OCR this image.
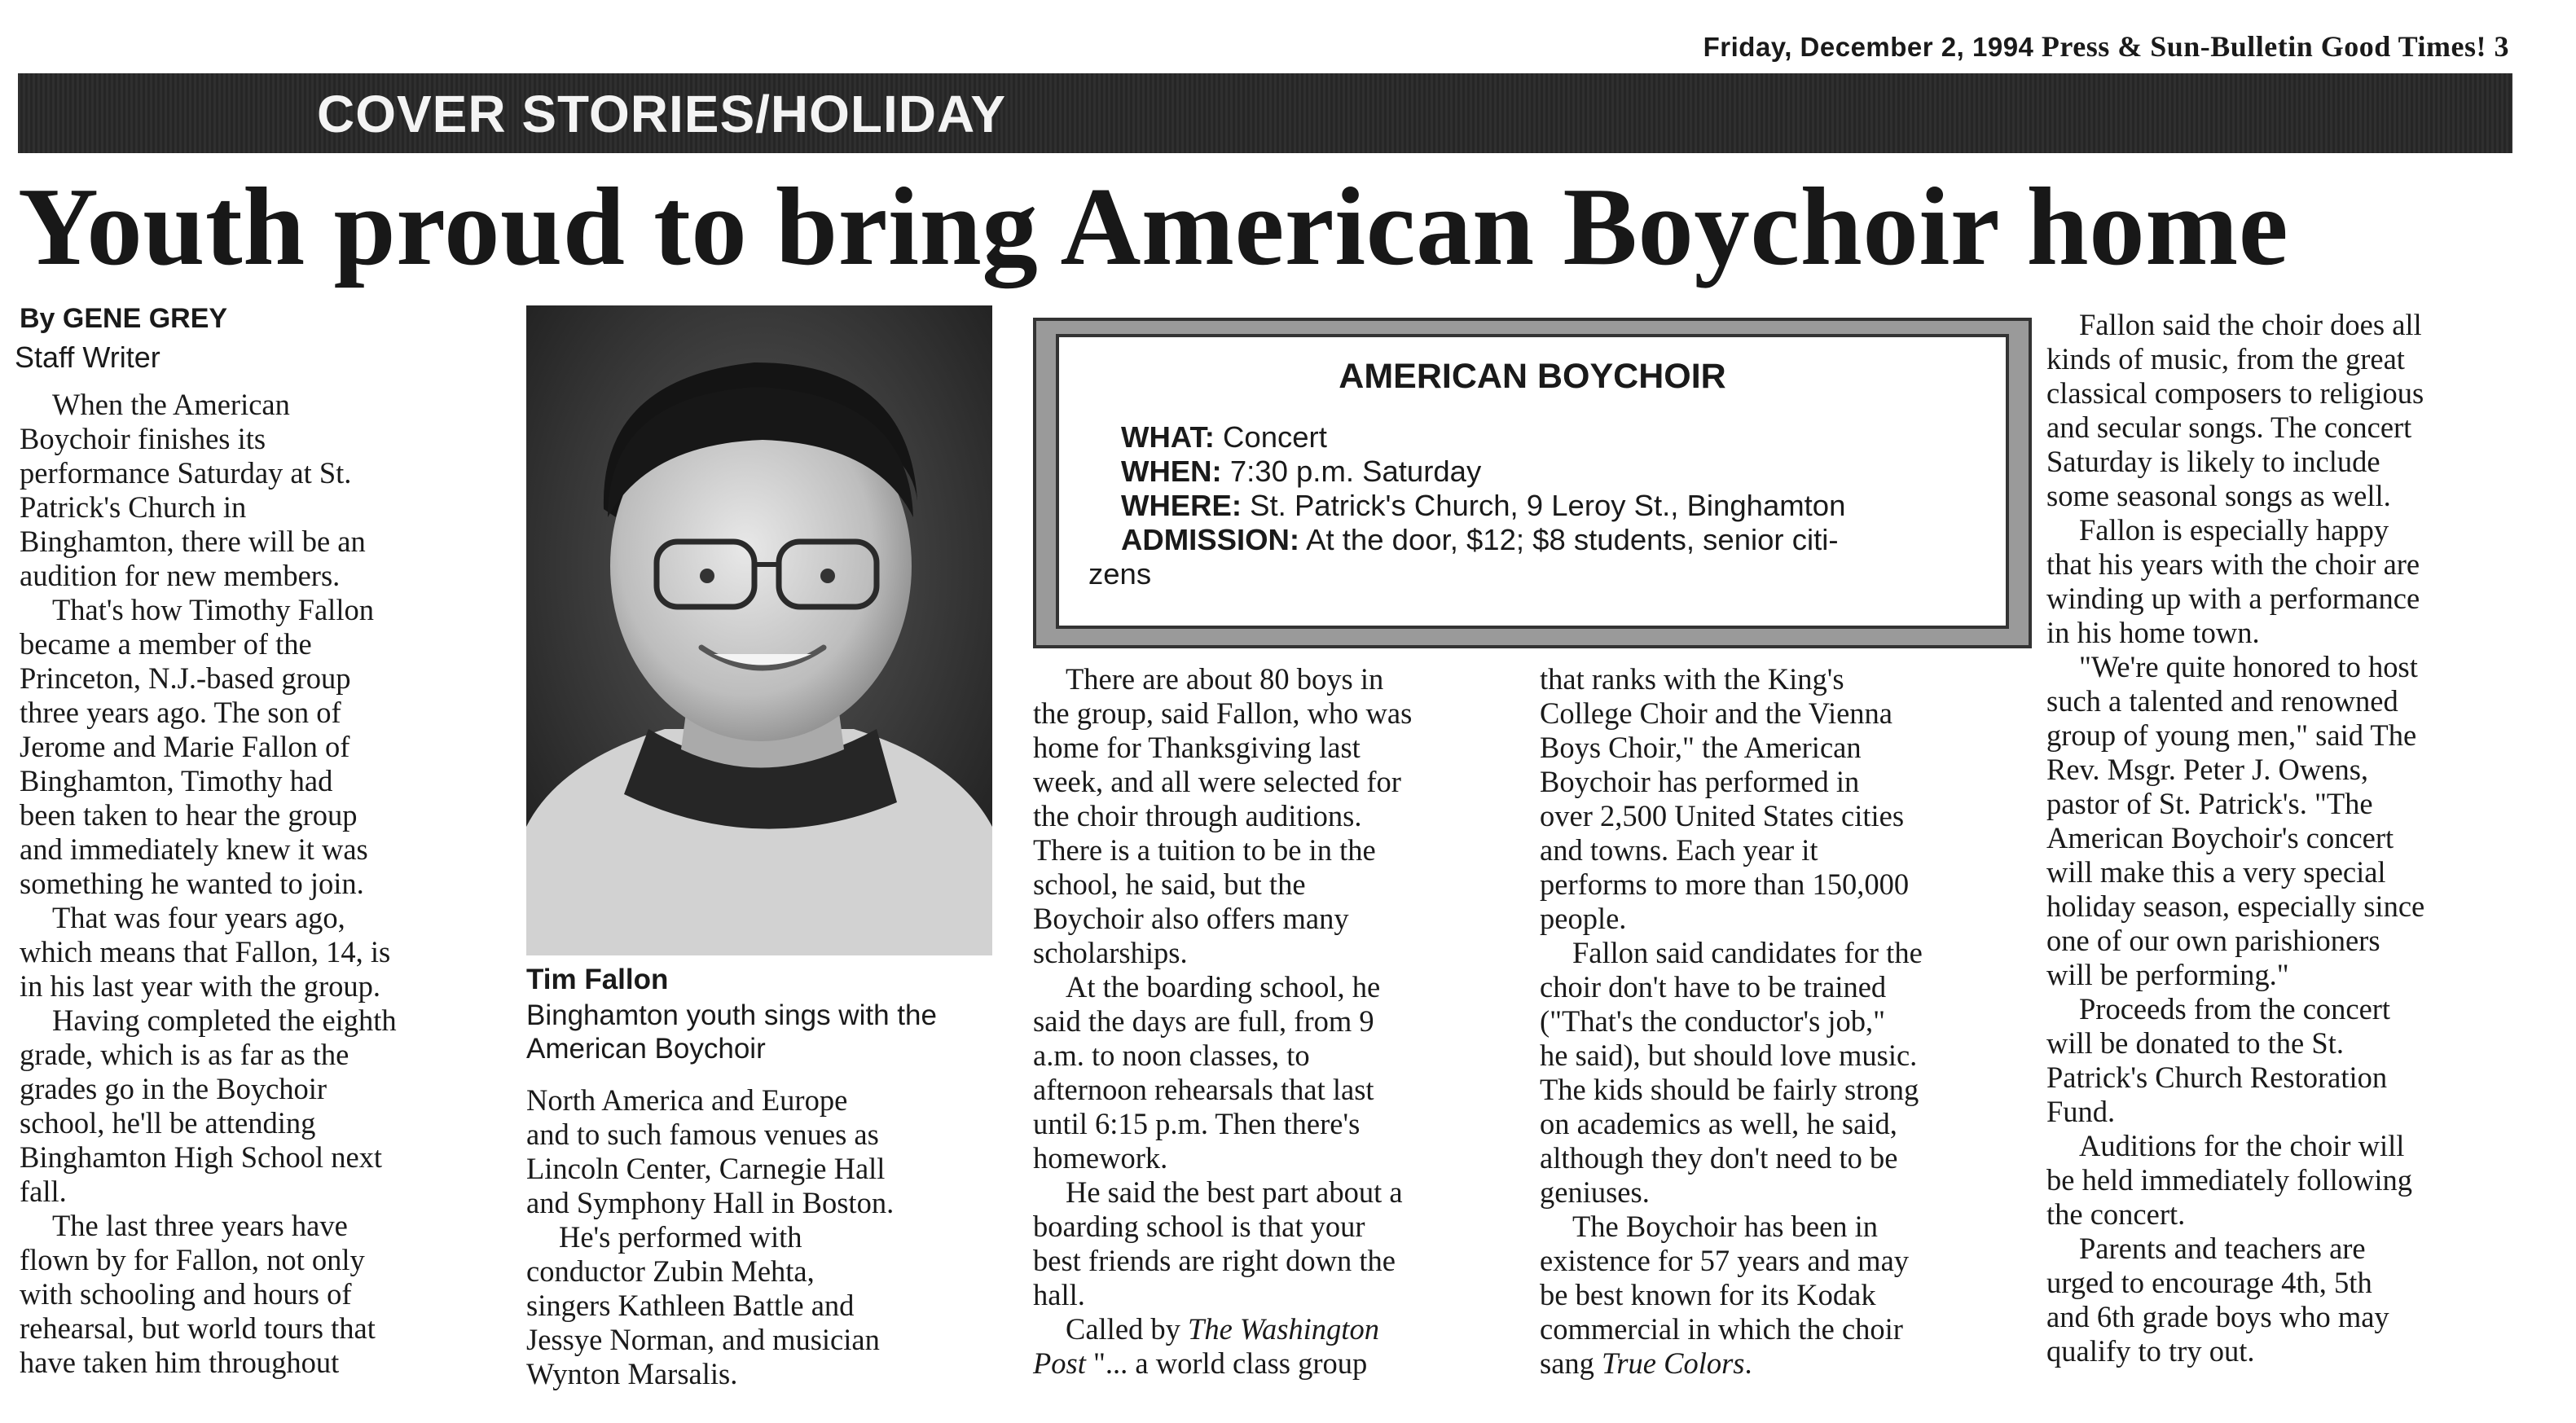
Friday, December 2, 1994 Press & Sun-Bulletin Good Times! 3
COVER STORIES/HOLIDAY
Youth proud to bring American Boychoir home
By GENE GREY
Staff Writer

When the American

Boychoir finishes its

performance Saturday at St.

Patrick's Church in

Binghamton, there will be an

audition for new members.

That's how Timothy Fallon

became a member of the

Princeton, N.J.-based group

three years ago. The son of

Jerome and Marie Fallon of

Binghamton, Timothy had

been taken to hear the group

and immediately knew it was

something he wanted to join.

That was four years ago,

which means that Fallon, 14, is

in his last year with the group.

Having completed the eighth

grade, which is as far as the

grades go in the Boychoir

school, he'll be attending

Binghamton High School next

fall.

The last three years have

flown by for Fallon, not only

with schooling and hours of

rehearsal, but world tours that

have taken him throughout

Tim Fallon
Binghamton youth sings with the American Boychoir

North America and Europe

and to such famous venues as

Lincoln Center, Carnegie Hall

and Symphony Hall in Boston.

He's performed with

conductor Zubin Mehta,

singers Kathleen Battle and

Jessye Norman, and musician

Wynton Marsalis.

AMERICAN BOYCHOIR
WHAT: Concert
WHEN: 7:30 p.m. Saturday
WHERE: St. Patrick's Church, 9 Leroy St., Binghamton
ADMISSION: At the door, $12; $8 students, senior citi-
zens

There are about 80 boys in

the group, said Fallon, who was

home for Thanksgiving last

week, and all were selected for

the choir through auditions.

There is a tuition to be in the

school, he said, but the

Boychoir also offers many

scholarships.

At the boarding school, he

said the days are full, from 9

a.m. to noon classes, to

afternoon rehearsals that last

until 6:15 p.m. Then there's

homework.

He said the best part about a

boarding school is that your

best friends are right down the

hall.

Called by The Washington

Post "... a world class group

that ranks with the King's

College Choir and the Vienna

Boys Choir," the American

Boychoir has performed in

over 2,500 United States cities

and towns. Each year it

performs to more than 150,000

people.

Fallon said candidates for the

choir don't have to be trained

("That's the conductor's job,"

he said), but should love music.

The kids should be fairly strong

on academics as well, he said,

although they don't need to be

geniuses.

The Boychoir has been in

existence for 57 years and may

be best known for its Kodak

commercial in which the choir

sang True Colors.

Fallon said the choir does all

kinds of music, from the great

classical composers to religious

and secular songs. The concert

Saturday is likely to include

some seasonal songs as well.

Fallon is especially happy

that his years with the choir are

winding up with a performance

in his home town.

"We're quite honored to host

such a talented and renowned

group of young men," said The

Rev. Msgr. Peter J. Owens,

pastor of St. Patrick's. "The

American Boychoir's concert

will make this a very special

holiday season, especially since

one of our own parishioners

will be performing."

Proceeds from the concert

will be donated to the St.

Patrick's Church Restoration

Fund.

Auditions for the choir will

be held immediately following

the concert.

Parents and teachers are

urged to encourage 4th, 5th

and 6th grade boys who may

qualify to try out.
